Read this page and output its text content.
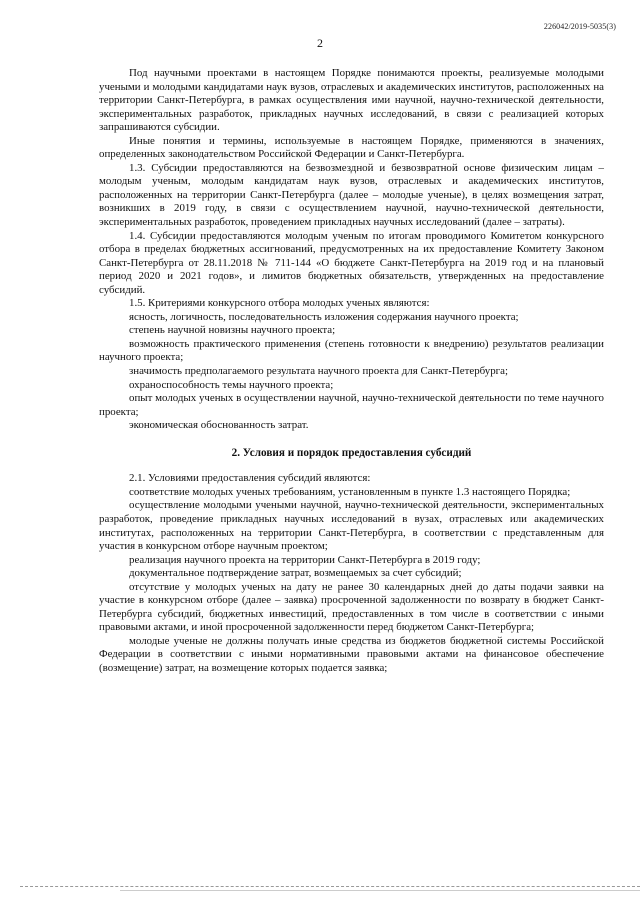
226042/2019-5035(3)
2

Под научными проектами в настоящем Порядке понимаются проекты, реализуемые молодыми учеными и молодыми кандидатами наук вузов, отраслевых и академических институтов, расположенных на территории Санкт-Петербурга, в рамках осуществления ими научной, научно-технической деятельности, экспериментальных разработок, прикладных научных исследований, в связи с реализацией которых запрашиваются субсидии.

Иные понятия и термины, используемые в настоящем Порядке, применяются в значениях, определенных законодательством Российской Федерации и Санкт-Петербурга.

1.3. Субсидии предоставляются на безвозмездной и безвозвратной основе физическим лицам – молодым ученым, молодым кандидатам наук вузов, отраслевых и академических институтов, расположенных на территории Санкт-Петербурга (далее – молодые ученые), в целях возмещения затрат, возникших в 2019 году, в связи с осуществлением научной, научно-технической деятельности, экспериментальных разработок, проведением прикладных научных исследований (далее – затраты).

1.4. Субсидии предоставляются молодым ученым по итогам проводимого Комитетом конкурсного отбора в пределах бюджетных ассигнований, предусмотренных на их предоставление Комитету Законом Санкт-Петербурга от 28.11.2018 № 711-144 «О бюджете Санкт-Петербурга на 2019 год и на плановый период 2020 и 2021 годов», и лимитов бюджетных обязательств, утвержденных на предоставление субсидий.

1.5. Критериями конкурсного отбора молодых ученых являются:

ясность, логичность, последовательность изложения содержания научного проекта;

степень научной новизны научного проекта;

возможность практического применения (степень готовности к внедрению) результатов реализации научного проекта;

значимость предполагаемого результата научного проекта для Санкт-Петербурга;

охраноспособность темы научного проекта;

опыт молодых ученых в осуществлении научной, научно-технической деятельности по теме научного проекта;

экономическая обоснованность затрат.

2. Условия и порядок предоставления субсидий

2.1. Условиями предоставления субсидий являются:

соответствие молодых ученых требованиям, установленным в пункте 1.3 настоящего Порядка;

осуществление молодыми учеными научной, научно-технической деятельности, экспериментальных разработок, проведение прикладных научных исследований в вузах, отраслевых или академических институтах, расположенных на территории Санкт-Петербурга, в соответствии с представленным для участия в конкурсном отборе научным проектом;

реализация научного проекта на территории Санкт-Петербурга в 2019 году;

документальное подтверждение затрат, возмещаемых за счет субсидий;

отсутствие у молодых ученых на дату не ранее 30 календарных дней до даты подачи заявки на участие в конкурсном отборе (далее – заявка) просроченной задолженности по возврату в бюджет Санкт-Петербурга субсидий, бюджетных инвестиций, предоставленных в том числе в соответствии с иными правовыми актами, и иной просроченной задолженности перед бюджетом Санкт-Петербурга;

молодые ученые не должны получать иные средства из бюджетов бюджетной системы Российской Федерации в соответствии с иными нормативными правовыми актами на финансовое обеспечение (возмещение) затрат, на возмещение которых подается заявка;
